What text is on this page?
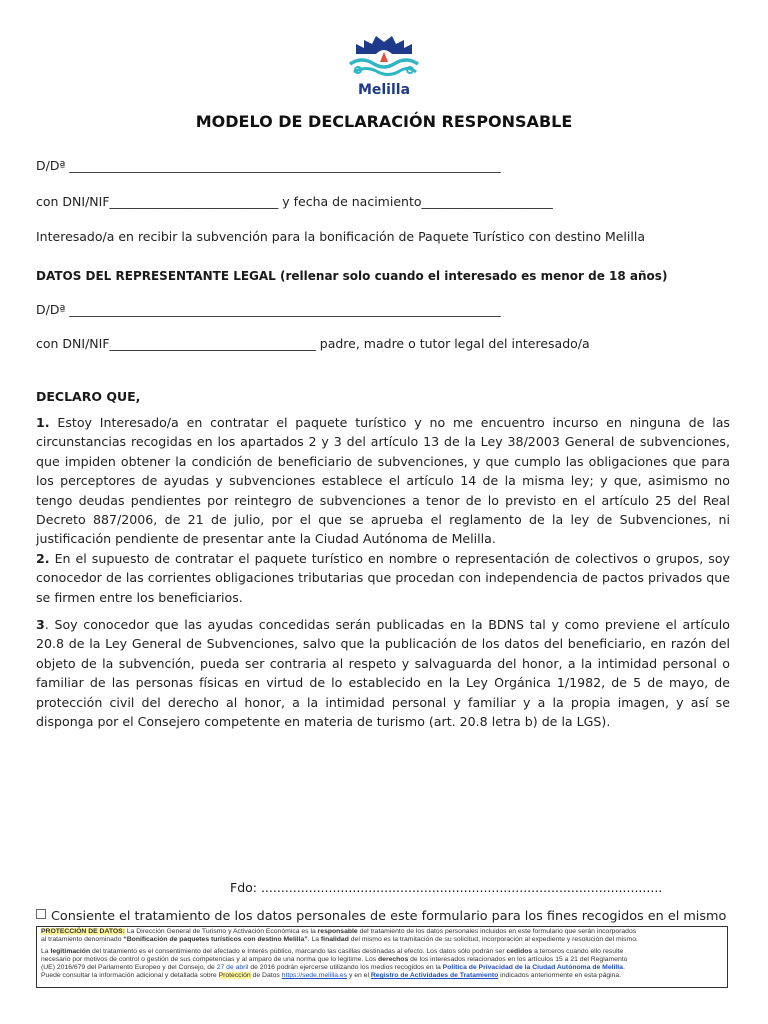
Melilla
MODELO DE DECLARACIÓN RESPONSABLE
D/Dª _____________________________________________________________________
con DNI/NIF___________________________ y fecha de nacimiento_____________________
Interesado/a en recibir la subvención para la bonificación de Paquete Turístico con destino Melilla
DATOS DEL REPRESENTANTE LEGAL (rellenar solo cuando el interesado es menor de 18 años)
D/Dª _____________________________________________________________________
con DNI/NIF_________________________________ padre, madre o tutor legal del interesado/a
DECLARO QUE,
1. Estoy Interesado/a en contratar el paquete turístico y no me encuentro incurso en ninguna de las circunstancias recogidas en los apartados 2 y 3 del artículo 13 de la Ley 38/2003 General de subvenciones, que impiden obtener la condición de beneficiario de subvenciones, y que cumplo las obligaciones que para los perceptores de ayudas y subvenciones establece el artículo 14 de la misma ley; y que, asimismo no tengo deudas pendientes por reintegro de subvenciones a tenor de lo previsto en el artículo 25 del Real Decreto 887/2006, de 21 de julio, por el que se aprueba el reglamento de la ley de Subvenciones, ni justificación pendiente de presentar ante la Ciudad Autónoma de Melilla.
2. En el supuesto de contratar el paquete turístico en nombre o representación de colectivos o grupos, soy conocedor de las corrientes obligaciones tributarias que procedan con independencia de pactos privados que se firmen entre los beneficiarios.
3. Soy conocedor que las ayudas concedidas serán publicadas en la BDNS tal y como previene el artículo 20.8 de la Ley General de Subvenciones, salvo que la publicación de los datos del beneficiario, en razón del objeto de la subvención, pueda ser contraria al respeto y salvaguarda del honor, a la intimidad personal o familiar de las personas físicas en virtud de lo establecido en la Ley Orgánica 1/1982, de 5 de mayo, de protección civil del derecho al honor, a la intimidad personal y familiar y a la propia imagen, y así se disponga por el Consejero competente en materia de turismo (art. 20.8 letra b) de la LGS).
Fdo: .....................................................................................................
Consiente el tratamiento de los datos personales de este formulario para los fines recogidos en el mismo

PROTECCIÓN DE DATOS: La Dirección General de Turismo y Activación Económica es la responsable del tratamiento de los datos personales incluidos en este formulario que serán incorporados

al tratamiento denominado “Bonificación de paquetes turísticos con destino Melilla”. La finalidad del mismo es la tramitación de su solicitud, incorporación al expediente y resolución del mismo.

La legitimación del tratamiento es el consentimiento del afectado e Interés público, marcando las casillas destinadas al efecto. Los datos sólo podrán ser cedidos a terceros cuando ello resulte

necesario por motivos de control o gestión de sus competencias y al amparo de una norma que lo legitime. Los derechos de los interesados relacionados en los artículos 15 a 21 del Reglamento

(UE) 2016/679 del Parlamento Europeo y del Consejo, de 27 de abril de 2016 podrán ejercerse utilizando los medios recogidos en la Política de Privacidad de la Ciudad Autónoma de Melilla.

Puede consultar la información adicional y detallada sobre Protección de Datos https://sede.melilla.es y en el Registro de Actividades de Tratamiento indicados anteriormente en esta página.
